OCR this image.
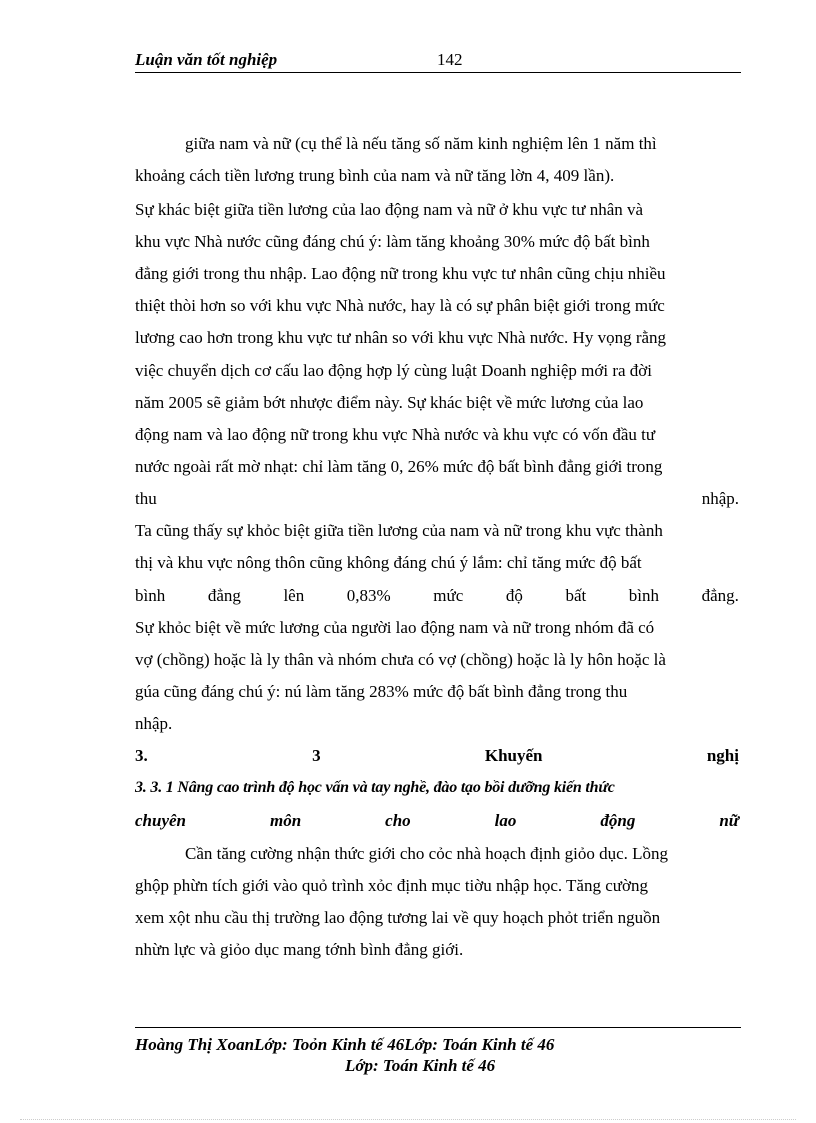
Luận văn tốt nghiệp	142
giữa nam và nữ (cụ thể là nếu tăng số năm kinh nghiệm lên 1 năm thì
khoảng cách tiền lương trung bình của nam và nữ tăng lờn 4, 409 lần).
Sự khác biệt giữa tiền lương của lao động nam và nữ ở khu vực tư nhân và
khu vực Nhà nước cũng đáng chú ý: làm tăng khoảng 30% mức độ bất bình
đẳng giới trong thu nhập. Lao động nữ trong khu vực tư nhân cũng chịu nhiều
thiệt thòi hơn so với khu vực Nhà nước, hay là có sự phân biệt giới trong mức
lương cao hơn trong khu vực tư nhân so với khu vực Nhà nước. Hy vọng rằng
việc chuyển dịch cơ cấu lao động hợp lý cùng luật Doanh nghiệp mới ra đời
năm 2005 sẽ giảm bớt nhược điểm này. Sự khác biệt về mức lương của lao
động nam và lao động nữ trong khu vực Nhà nước và khu vực có vốn đầu tư
nước ngoài rất mờ nhạt: chỉ làm tăng 0, 26% mức độ bất bình đẳng giới trong
thu	nhập.
Ta cũng thấy sự khỏc biệt giữa tiền lương của nam và nữ trong khu vực thành
thị và khu vực nông thôn cũng không đáng chú ý lắm: chỉ tăng mức độ bất
bình	đẳng	lên	0,83%	mức	độ	bất	bình	đẳng.
Sự khỏc biệt về mức lương của người lao động nam và nữ trong nhóm đã có
vợ (chồng) hoặc là ly thân và nhóm chưa có vợ (chồng) hoặc là ly hôn hoặc là
gúa cũng đáng chú ý: nú làm tăng 283% mức độ bất bình đẳng trong thu
nhập.
3.	3	Khuyến	nghị
3. 3. 1 Nâng cao trình độ học vấn và tay nghề, đào tạo bồi dưỡng kiến thức
chuyên	môn	cho	lao	động	nữ
Cần tăng cường nhận thức giới cho cỏc nhà hoạch định giỏo dục. Lồng
ghộp phừn tích giới vào quỏ trình xỏc định mục tiờu nhập học. Tăng cường
xem xột nhu cầu thị trường lao động tương lai về quy hoạch phỏt triển nguồn
nhừn lực và giỏo dục mang tớnh bình đẳng giới.
Hoàng Thị XoanLớp: Toỏn Kinh tế 46Lớp: Toán Kinh tế 46
Lớp: Toán Kinh tế 46
